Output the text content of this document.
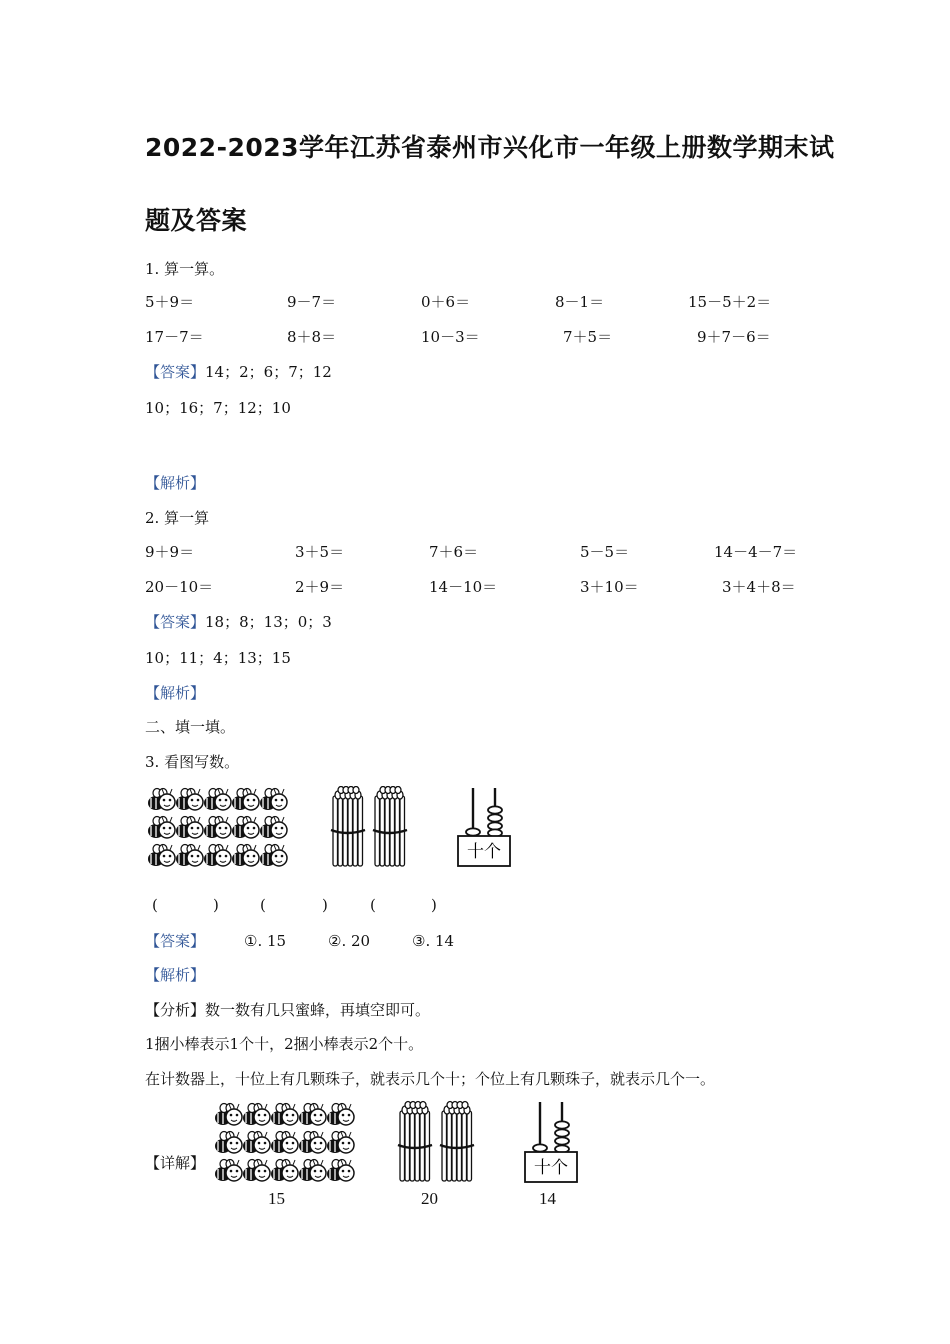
2022-2023学年江苏省泰州市兴化市一年级上册数学期末试
题及答案
1. 算一算。
5＋9＝	9－7＝	0＋6＝	8－1＝	15－5＋2＝
17－7＝	8＋8＝	10－3＝	7＋5＝	9＋7－6＝
【答案】14；2；6；7；12
10；16；7；12；10
【解析】
2. 算一算
9＋9＝	3＋5＝	7＋6＝	5－5＝	14－4－7＝
20－10＝	2＋9＝	14－10＝	3＋10＝	3＋4＋8＝
【答案】18；8；13；0；3
10；11；4；13；15
【解析】
二、填一填。
3. 看图写数。
十个
(	)	(	)	(	)
【答案】	①. 15	②. 20	③. 14
【解析】
【分析】数一数有几只蜜蜂，再填空即可。
1捆小棒表示1个十，2捆小棒表示2个十。
在计数器上，十位上有几颗珠子，就表示几个十；个位上有几颗珠子，就表示几个一。
【详解】	十个
15	20	14
